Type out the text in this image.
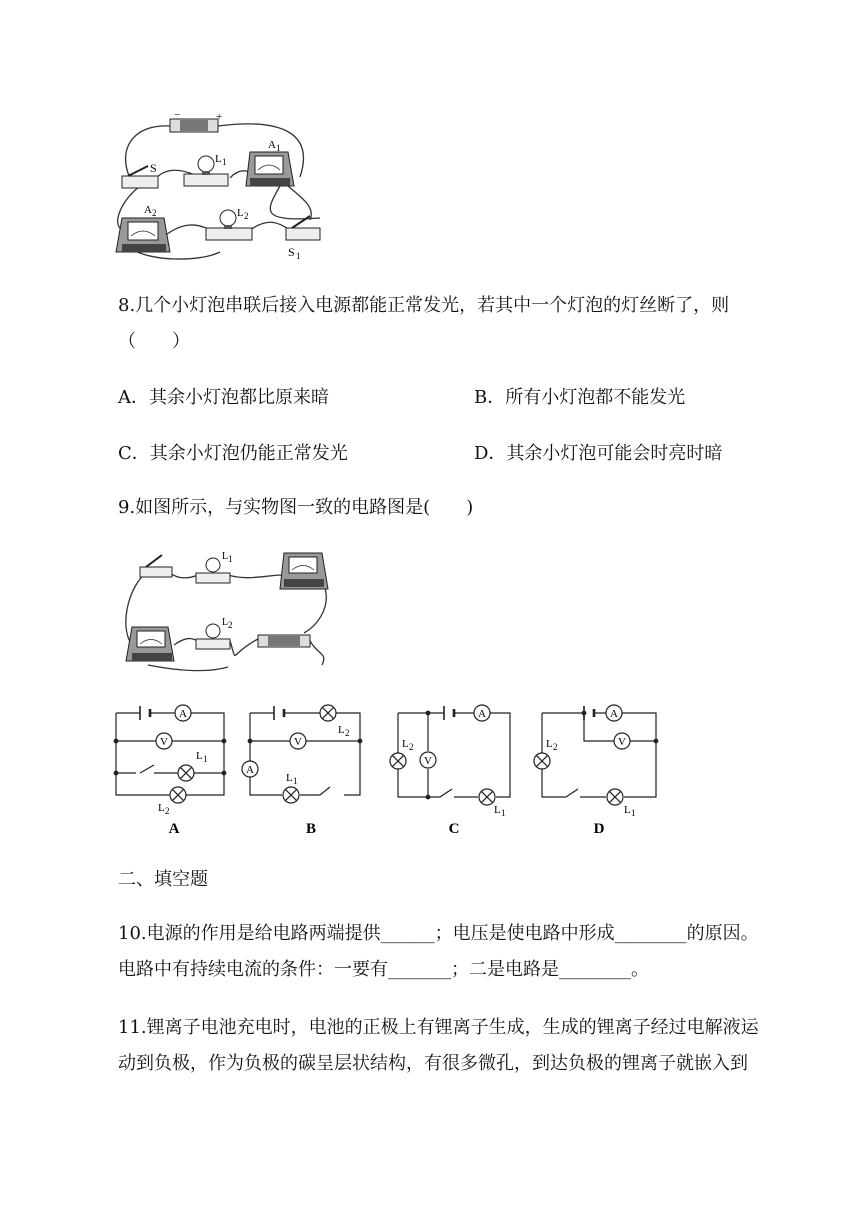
−	+
S
L 1
A 1
A 2	L 2
S 1
8.几个小灯泡串联后接入电源都能正常发光，若其中一个灯泡的灯丝断了，则
（　　）
A．其余小灯泡都比原来暗	B．所有小灯泡都不能发光
C．其余小灯泡仍能正常发光	D．其余小灯泡可能会时亮时暗
9.如图所示，与实物图一致的电路图是(　　)
L 1
L 2
A
V
L 1
L 2
L 2
V
A
L 1
A
L 2
V
L 1
A
V
L 2
L 1
A	B	C	D
二、填空题
10.电源的作用是给电路两端提供______；电压是使电路中形成________的原因。
电路中有持续电流的条件：一要有_______；二是电路是________。
11.锂离子电池充电时，电池的正极上有锂离子生成，生成的锂离子经过电解液运
动到负极，作为负极的碳呈层状结构，有很多微孔，到达负极的锂离子就嵌入到
